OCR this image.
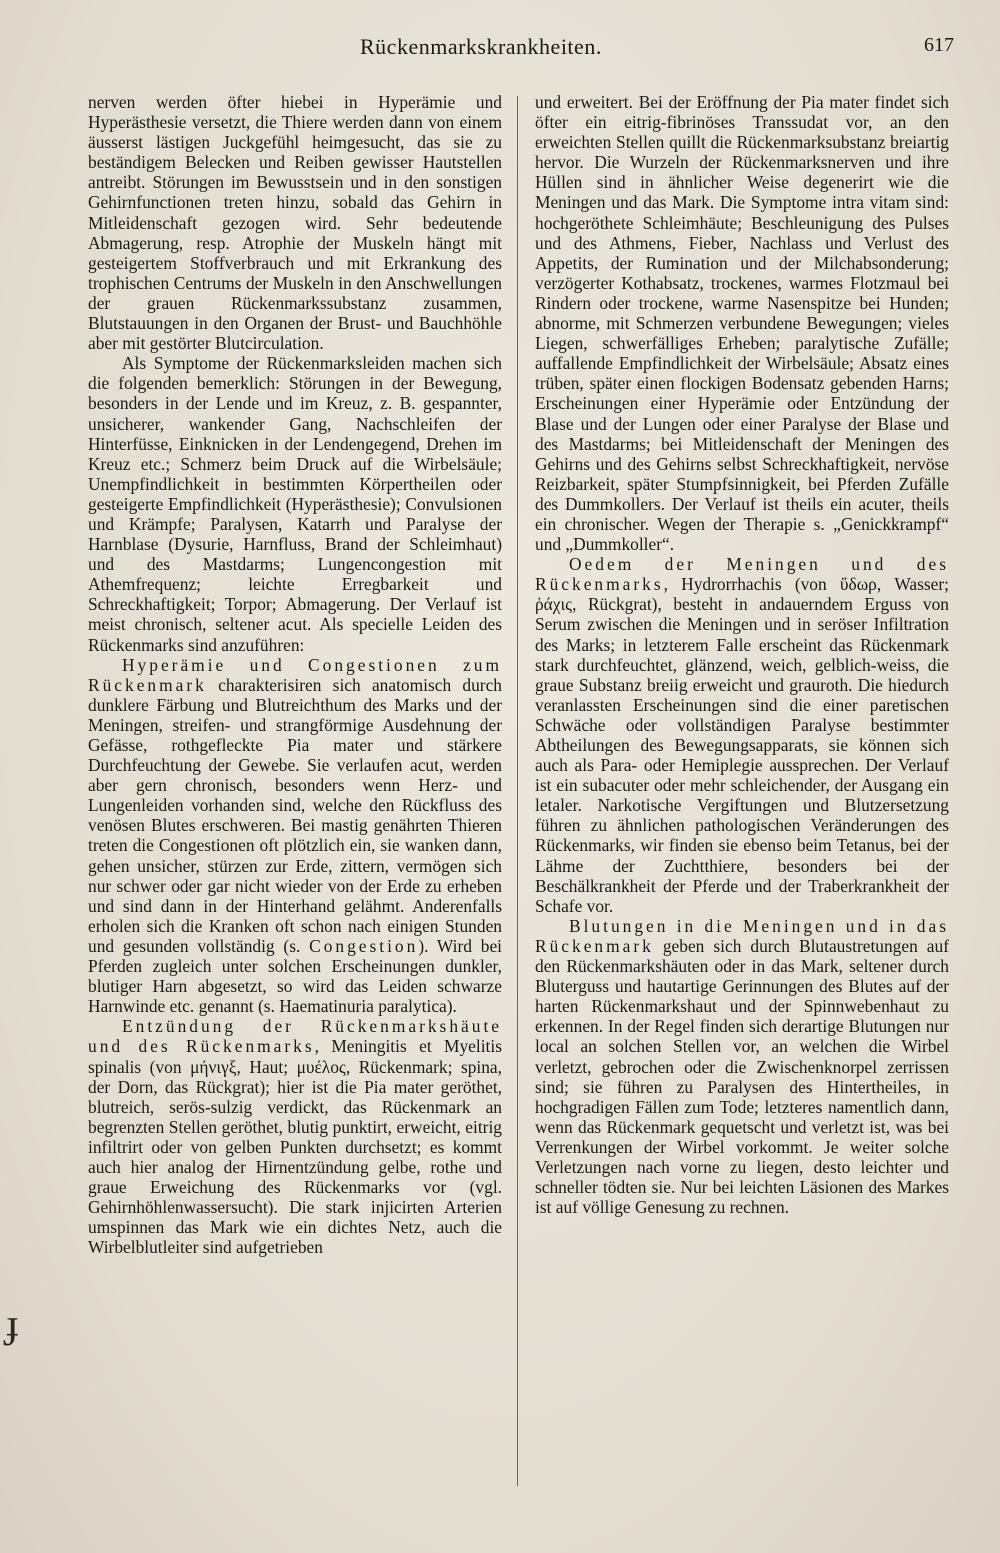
Rückenmarkskrankheiten.	617

nerven werden öfter hiebei in Hyperämie und Hyperästhesie versetzt, die Thiere werden dann von einem äusserst lästigen Juckgefühl heimgesucht, das sie zu beständigem Belecken und Reiben gewisser Hautstellen antreibt. Störungen im Bewusstsein und in den sonstigen Gehirnfunctionen treten hinzu, sobald das Gehirn in Mitleidenschaft gezogen wird. Sehr bedeutende Abmagerung, resp. Atrophie der Muskeln hängt mit gesteigertem Stoffverbrauch und mit Erkrankung des trophischen Centrums der Muskeln in den Anschwellungen der grauen Rückenmarkssubstanz zusammen, Blutstauungen in den Organen der Brust- und Bauchhöhle aber mit gestörter Blutcirculation.

Als Symptome der Rückenmarksleiden machen sich die folgenden bemerklich: Störungen in der Bewegung, besonders in der Lende und im Kreuz, z. B. gespannter, unsicherer, wankender Gang, Nachschleifen der Hinterfüsse, Einknicken in der Lendengegend, Drehen im Kreuz etc.; Schmerz beim Druck auf die Wirbelsäule; Unempfindlichkeit in bestimmten Körpertheilen oder gesteigerte Empfindlichkeit (Hyperästhesie); Convulsionen und Krämpfe; Paralysen, Katarrh und Paralyse der Harnblase (Dysurie, Harnfluss, Brand der Schleimhaut) und des Mastdarms; Lungencongestion mit Athemfrequenz; leichte Erregbarkeit und Schreckhaftigkeit; Torpor; Abmagerung. Der Verlauf ist meist chronisch, seltener acut. Als specielle Leiden des Rückenmarks sind anzuführen:

Hyperämie und Congestionen zum Rückenmark charakterisiren sich anatomisch durch dunklere Färbung und Blutreichthum des Marks und der Meningen, streifen- und strangförmige Ausdehnung der Gefässe, rothgefleckte Pia mater und stärkere Durchfeuchtung der Gewebe. Sie verlaufen acut, werden aber gern chronisch, besonders wenn Herz- und Lungenleiden vorhanden sind, welche den Rückfluss des venösen Blutes erschweren. Bei mastig genährten Thieren treten die Congestionen oft plötzlich ein, sie wanken dann, gehen unsicher, stürzen zur Erde, zittern, vermögen sich nur schwer oder gar nicht wieder von der Erde zu erheben und sind dann in der Hinterhand gelähmt. Anderenfalls erholen sich die Kranken oft schon nach einigen Stunden und gesunden vollständig (s. Congestion). Wird bei Pferden zugleich unter solchen Erscheinungen dunkler, blutiger Harn abgesetzt, so wird das Leiden schwarze Harnwinde etc. genannt (s. Haematinuria paralytica).

Entzündung der Rückenmarkshäute und des Rückenmarks, Meningitis et Myelitis spinalis (von μήνιγξ, Haut; μυέλος, Rückenmark; spina, der Dorn, das Rückgrat); hier ist die Pia mater geröthet, blutreich, serös-sulzig verdickt, das Rückenmark an begrenzten Stellen geröthet, blutig punktirt, erweicht, eitrig infiltrirt oder von gelben Punkten durchsetzt; es kommt auch hier analog der Hirnentzündung gelbe, rothe und graue Erweichung des Rückenmarks vor (vgl. Gehirnhöhlenwassersucht). Die stark injicirten Arterien umspinnen das Mark wie ein dichtes Netz, auch die Wirbelblutleiter sind aufgetrieben

und erweitert. Bei der Eröffnung der Pia mater findet sich öfter ein eitrig-fibrinöses Transsudat vor, an den erweichten Stellen quillt die Rückenmarksubstanz breiartig hervor. Die Wurzeln der Rückenmarksnerven und ihre Hüllen sind in ähnlicher Weise degenerirt wie die Meningen und das Mark. Die Symptome intra vitam sind: hochgeröthete Schleimhäute; Beschleunigung des Pulses und des Athmens, Fieber, Nachlass und Verlust des Appetits, der Rumination und der Milchabsonderung; verzögerter Kothabsatz, trockenes, warmes Flotzmaul bei Rindern oder trockene, warme Nasenspitze bei Hunden; abnorme, mit Schmerzen verbundene Bewegungen; vieles Liegen, schwerfälliges Erheben; paralytische Zufälle; auffallende Empfindlichkeit der Wirbelsäule; Absatz eines trüben, später einen flockigen Bodensatz gebenden Harns; Erscheinungen einer Hyperämie oder Entzündung der Blase und der Lungen oder einer Paralyse der Blase und des Mastdarms; bei Mitleidenschaft der Meningen des Gehirns und des Gehirns selbst Schreckhaftigkeit, nervöse Reizbarkeit, später Stumpfsinnigkeit, bei Pferden Zufälle des Dummkollers. Der Verlauf ist theils ein acuter, theils ein chronischer. Wegen der Therapie s. „Genickkrampf“ und „Dummkoller“.

Oedem der Meningen und des Rückenmarks, Hydrorrhachis (von ὕδωρ, Wasser; ῥάχις, Rückgrat), besteht in andauerndem Erguss von Serum zwischen die Meningen und in seröser Infiltration des Marks; in letzterem Falle erscheint das Rückenmark stark durchfeuchtet, glänzend, weich, gelblich-weiss, die graue Substanz breiig erweicht und grauroth. Die hiedurch veranlassten Erscheinungen sind die einer paretischen Schwäche oder vollständigen Paralyse bestimmter Abtheilungen des Bewegungsapparats, sie können sich auch als Para- oder Hemiplegie aussprechen. Der Verlauf ist ein subacuter oder mehr schleichender, der Ausgang ein letaler. Narkotische Vergiftungen und Blutzersetzung führen zu ähnlichen pathologischen Veränderungen des Rückenmarks, wir finden sie ebenso beim Tetanus, bei der Lähme der Zuchtthiere, besonders bei der Beschälkrankheit der Pferde und der Traberkrankheit der Schafe vor.

Blutungen in die Meningen und in das Rückenmark geben sich durch Blutaustretungen auf den Rückenmarkshäuten oder in das Mark, seltener durch Bluterguss und hautartige Gerinnungen des Blutes auf der harten Rückenmarkshaut und der Spinnwebenhaut zu erkennen. In der Regel finden sich derartige Blutungen nur local an solchen Stellen vor, an welchen die Wirbel verletzt, gebrochen oder die Zwischenknorpel zerrissen sind; sie führen zu Paralysen des Hintertheiles, in hochgradigen Fällen zum Tode; letzteres namentlich dann, wenn das Rückenmark gequetscht und verletzt ist, was bei Verrenkungen der Wirbel vorkommt. Je weiter solche Verletzungen nach vorne zu liegen, desto leichter und schneller tödten sie. Nur bei leichten Läsionen des Markes ist auf völlige Genesung zu rechnen.

ɟ
